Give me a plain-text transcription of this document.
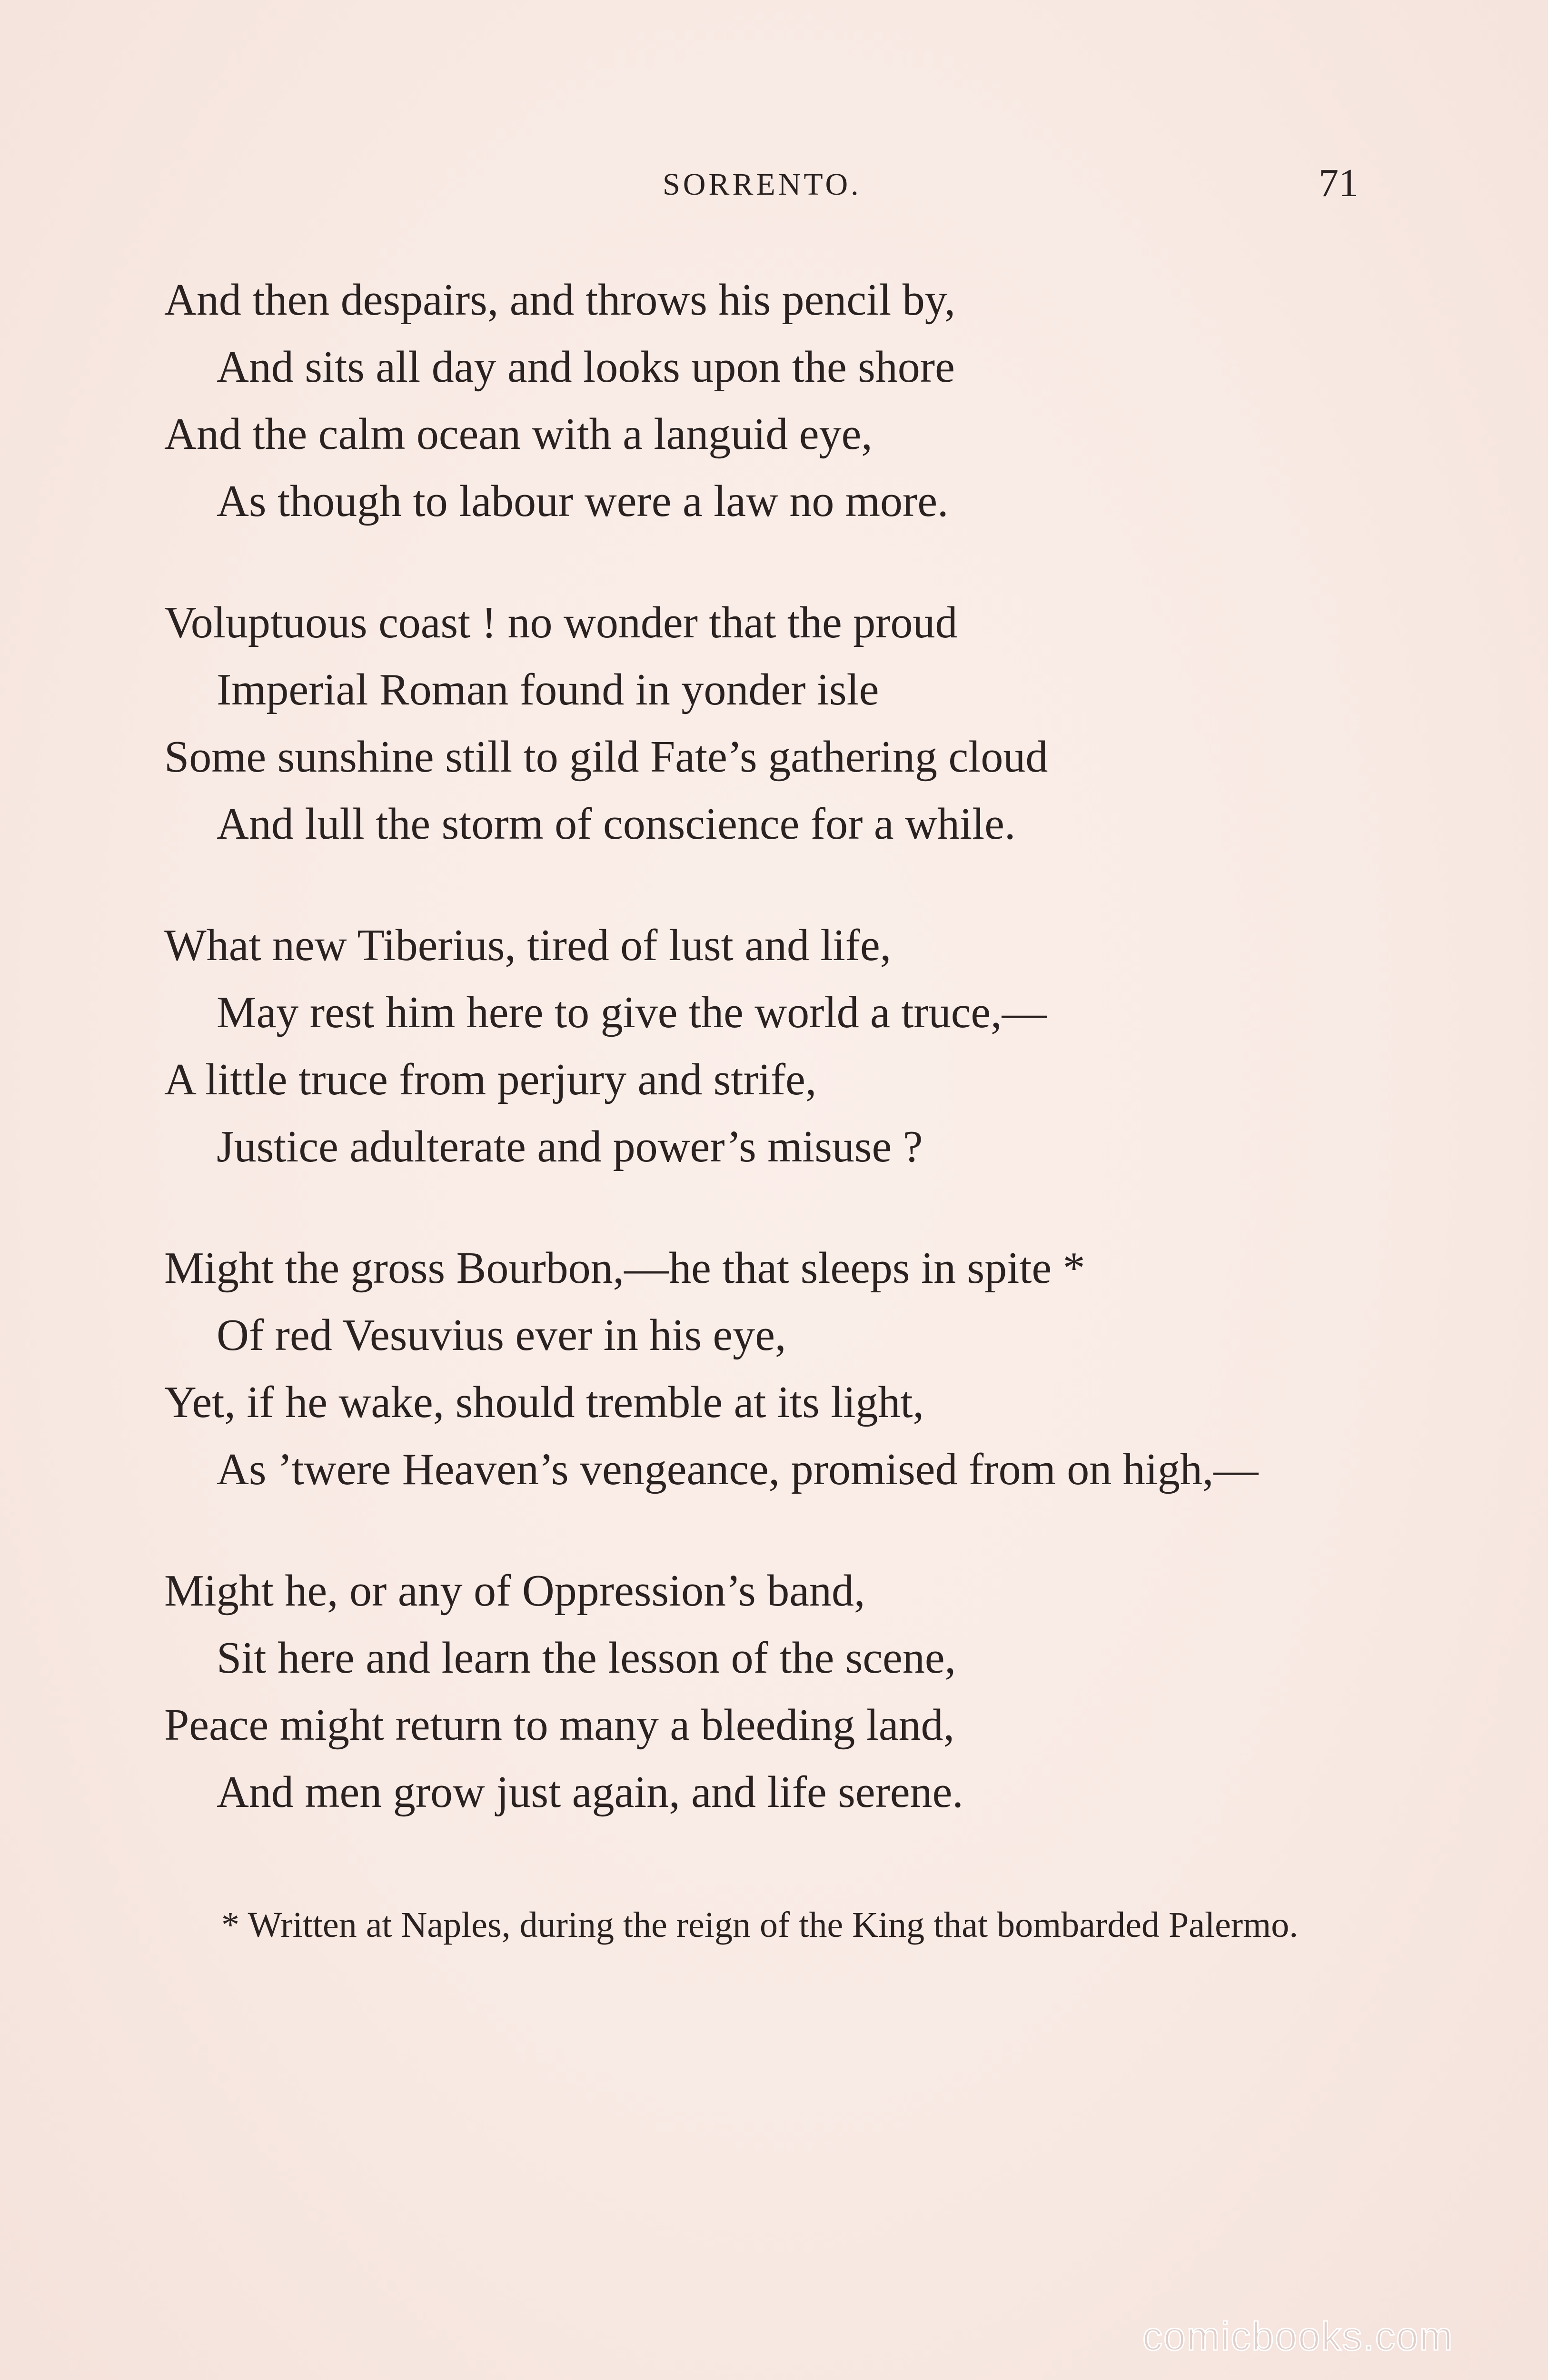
SORRENTO.	71
And then despairs, and throws his pencil by,
And sits all day and looks upon the shore
And the calm ocean with a languid eye,
As though to labour were a law no more.
Voluptuous coast ! no wonder that the proud
Imperial Roman found in yonder isle
Some sunshine still to gild Fate’s gathering cloud
And lull the storm of conscience for a while.
What new Tiberius, tired of lust and life,
May rest him here to give the world a truce,—
A little truce from perjury and strife,
Justice adulterate and power’s misuse ?
Might the gross Bourbon,—he that sleeps in spite *
Of red Vesuvius ever in his eye,
Yet, if he wake, should tremble at its light,
As ’twere Heaven’s vengeance, promised from on high,—
Might he, or any of Oppression’s band,
Sit here and learn the lesson of the scene,
Peace might return to many a bleeding land,
And men grow just again, and life serene.
* Written at Naples, during the reign of the King that bombarded Palermo.
comicbooks.com
